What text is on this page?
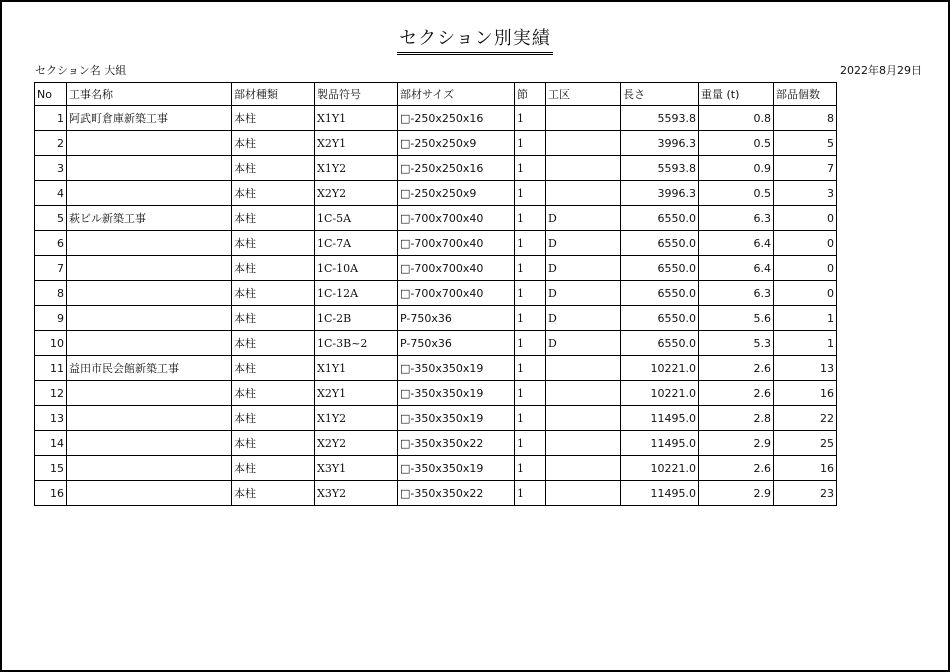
セクション別実績
セクション名 大組	2022年8月29日
No	工事名称	部材種類	製品符号	部材サイズ	節	工区	長さ	重量 (t)	部品個数
1	阿武町倉庫新築工事	本柱	X1Y1	□-250x250x16	1		5593.8	0.8	8
2		本柱	X2Y1	□-250x250x9	1		3996.3	0.5	5
3		本柱	X1Y2	□-250x250x16	1		5593.8	0.9	7
4		本柱	X2Y2	□-250x250x9	1		3996.3	0.5	3
5	萩ビル新築工事	本柱	1C-5A	□-700x700x40	1	D	6550.0	6.3	0
6		本柱	1C-7A	□-700x700x40	1	D	6550.0	6.4	0
7		本柱	1C-10A	□-700x700x40	1	D	6550.0	6.4	0
8		本柱	1C-12A	□-700x700x40	1	D	6550.0	6.3	0
9		本柱	1C-2B	P-750x36	1	D	6550.0	5.6	1
10		本柱	1C-3B~2	P-750x36	1	D	6550.0	5.3	1
11	益田市民会館新築工事	本柱	X1Y1	□-350x350x19	1		10221.0	2.6	13
12		本柱	X2Y1	□-350x350x19	1		10221.0	2.6	16
13		本柱	X1Y2	□-350x350x19	1		11495.0	2.8	22
14		本柱	X2Y2	□-350x350x22	1		11495.0	2.9	25
15		本柱	X3Y1	□-350x350x19	1		10221.0	2.6	16
16		本柱	X3Y2	□-350x350x22	1		11495.0	2.9	23
